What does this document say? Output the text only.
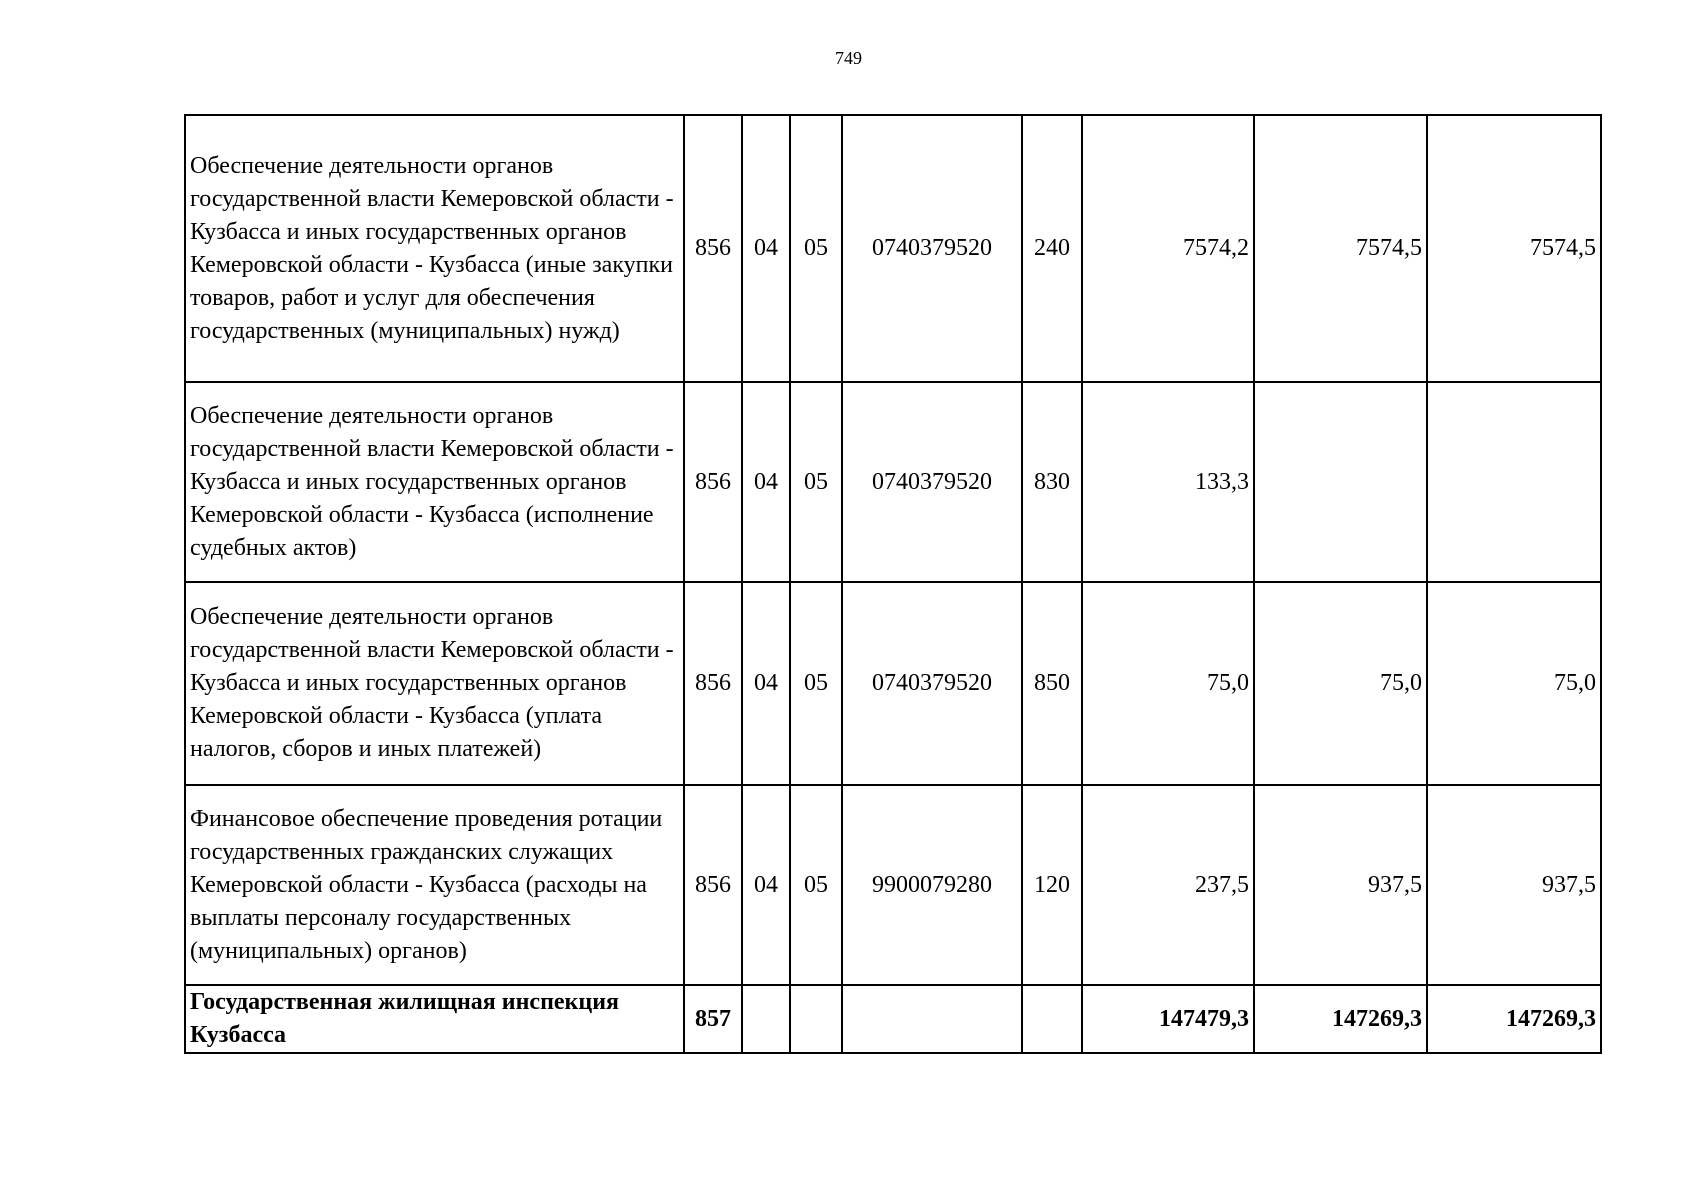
749
Обеспечение деятельности органов государственной власти Кемеровской области - Кузбасса и иных государственных органов Кемеровской области - Кузбасса (иные закупки товаров, работ и услуг для обеспечения государственных (муниципальных) нужд)	856	04	05	0740379520	240	7574,2	7574,5	7574,5
Обеспечение деятельности органов государственной власти Кемеровской области - Кузбасса и иных государственных органов Кемеровской области - Кузбасса (исполнение судебных актов)	856	04	05	0740379520	830	133,3		
Обеспечение деятельности органов государственной власти Кемеровской области - Кузбасса и иных государственных органов Кемеровской области - Кузбасса (уплата налогов, сборов и иных платежей)	856	04	05	0740379520	850	75,0	75,0	75,0
Финансовое обеспечение проведения ротации государственных гражданских служащих Кемеровской области - Кузбасса (расходы на выплаты персоналу государственных (муниципальных) органов)	856	04	05	9900079280	120	237,5	937,5	937,5
Государственная жилищная инспекция Кузбасса	857					147479,3	147269,3	147269,3
